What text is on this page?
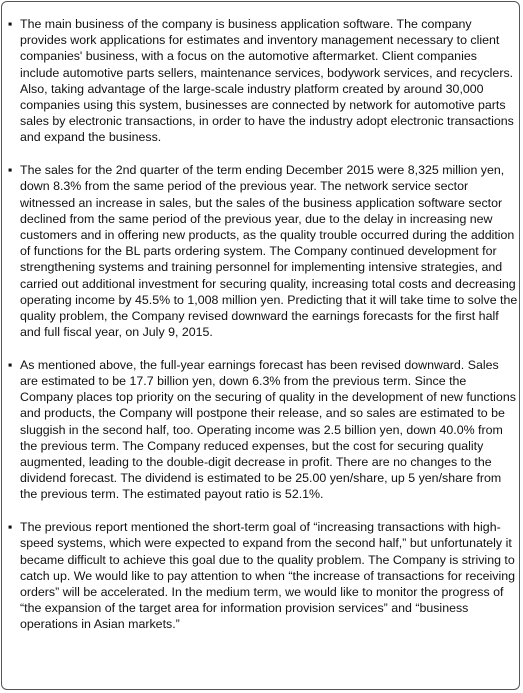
▪ The main business of the company is business application software. The company provides work applications for estimates and inventory management necessary to client companies' business, with a focus on the automotive aftermarket. Client companies include automotive parts sellers, maintenance services, bodywork services, and recyclers. Also, taking advantage of the large-scale industry platform created by around 30,000 companies using this system, businesses are connected by network for automotive parts sales by electronic transactions, in order to have the industry adopt electronic transactions and expand the business.

▪ The sales for the 2nd quarter of the term ending December 2015 were 8,325 million yen, down 8.3% from the same period of the previous year. The network service sector witnessed an increase in sales, but the sales of the business application software sector declined from the same period of the previous year, due to the delay in increasing new customers and in offering new products, as the quality trouble occurred during the addition of functions for the BL parts ordering system. The Company continued development for strengthening systems and training personnel for implementing intensive strategies, and carried out additional investment for securing quality, increasing total costs and decreasing operating income by 45.5% to 1,008 million yen. Predicting that it will take time to solve the quality problem, the Company revised downward the earnings forecasts for the first half and full fiscal year, on July 9, 2015.

▪ As mentioned above, the full-year earnings forecast has been revised downward. Sales are estimated to be 17.7 billion yen, down 6.3% from the previous term. Since the Company places top priority on the securing of quality in the development of new functions and products, the Company will postpone their release, and so sales are estimated to be sluggish in the second half, too. Operating income was 2.5 billion yen, down 40.0% from the previous term. The Company reduced expenses, but the cost for securing quality augmented, leading to the double-digit decrease in profit. There are no changes to the dividend forecast. The dividend is estimated to be 25.00 yen/share, up 5 yen/share from the previous term. The estimated payout ratio is 52.1%.

▪ The previous report mentioned the short-term goal of “increasing transactions with high-speed systems, which were expected to expand from the second half,” but unfortunately it became difficult to achieve this goal due to the quality problem. The Company is striving to catch up. We would like to pay attention to when “the increase of transactions for receiving orders” will be accelerated. In the medium term, we would like to monitor the progress of “the expansion of the target area for information provision services” and “business operations in Asian markets.”
